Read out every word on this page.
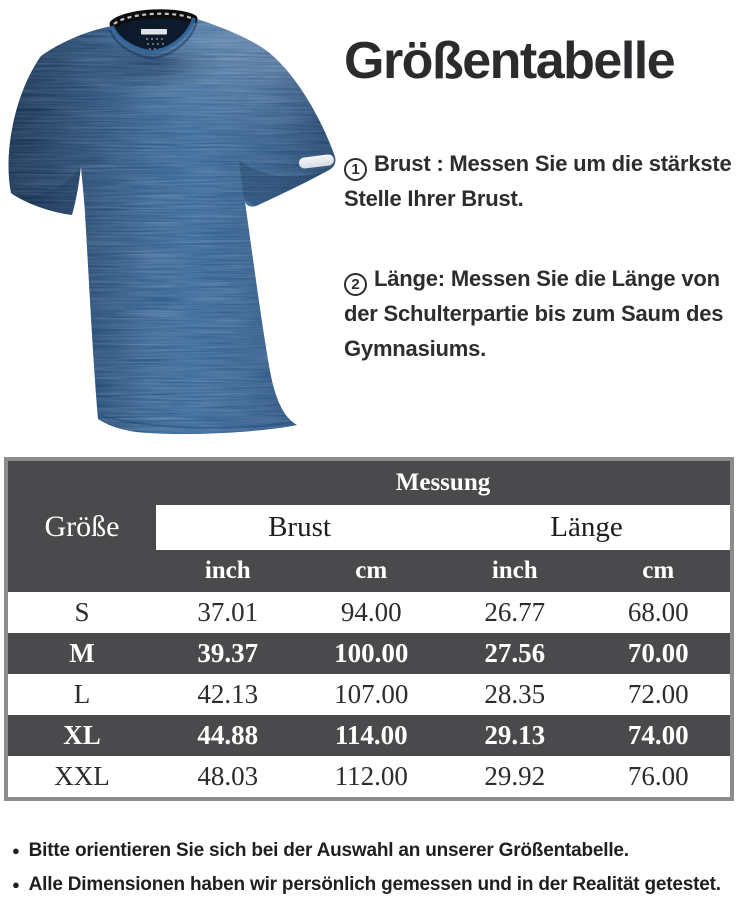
Größentabelle
1 Brust : Messen Sie um die stärkste Stelle Ihrer Brust.
2 Länge: Messen Sie die Länge von der Schulterpartie bis zum Saum des Gymnasiums.
Größe
Messung
Brust	Länge
inch	cm	inch	cm
S	37.01	94.00	26.77	68.00
M	39.37	100.00	27.56	70.00
L	42.13	107.00	28.35	72.00
XL	44.88	114.00	29.13	74.00
XXL	48.03	112.00	29.92	76.00
● Bitte orientieren Sie sich bei der Auswahl an unserer Größentabelle.
● Alle Dimensionen haben wir persönlich gemessen und in der Realität getestet.
